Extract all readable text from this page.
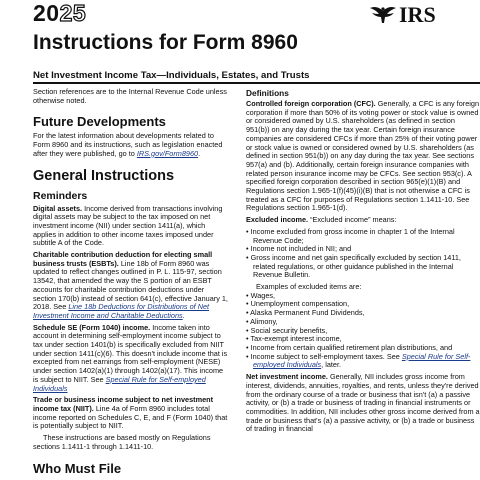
2025	IRS
Instructions for Form 8960
Net Investment Income Tax—Individuals, Estates, and Trusts

Section references are to the Internal Revenue Code unless otherwise noted.

Future Developments

For the latest information about developments related to Form 8960 and its instructions, such as legislation enacted after they were published, go to IRS.gov/Form8960.

General Instructions
Reminders

Digital assets. Income derived from transactions involving digital assets may be subject to the tax imposed on net investment income (NII) under section 1411(a), which applies in addition to other income taxes imposed under subtitle A of the Code.

Charitable contribution deduction for electing small business trusts (ESBTs). Line 18b of Form 8960 was updated to reflect changes outlined in P. L. 115-97, section 13542, that amended the way the S portion of an ESBT accounts for charitable contribution deductions under section 170(b) instead of section 641(c), effective January 1, 2018. See Line 18b Deductions for Distributions of Net Investment Income and Charitable Deductions.

Schedule SE (Form 1040) income. Income taken into account in determining self-employment income subject to tax under section 1401(b) is specifically excluded from NIIT under section 1411(c)(6). This doesn't include income that is excepted from net earnings from self-employment (NESE) under section 1402(a)(1) through 1402(a)(17). This income is subject to NIIT. See Special Rule for Self-employed Individuals

Trade or business income subject to net investment income tax (NIIT). Line 4a of Form 8960 includes total income reported on Schedules C, E, and F (Form 1040) that is potentially subject to NIIT.

These instructions are based mostly on Regulations sections 1.1411-1 through 1.1411-10.

Who Must File
Definitions

Controlled foreign corporation (CFC). Generally, a CFC is any foreign corporation if more than 50% of its voting power or stock value is owned or considered owned by U.S. shareholders (as defined in section 951(b)) on any day during the tax year. Certain foreign insurance companies are considered CFCs if more than 25% of their voting power or stock value is owned or considered owned by U.S. shareholders (as defined in section 951(b)) on any day during the tax year. See sections 957(a) and (b). Additionally, certain foreign insurance companies with related person insurance income may be CFCs. See section 953(c). A specified foreign corporation described in section 965(e)(1)(B) and Regulations section 1.965-1(f)(45)(i)(B) that is not otherwise a CFC is treated as a CFC for purposes of Regulations section 1.1411-10. See Regulations section 1.965-1(d).

Excluded income. “Excluded income” means:

• Income excluded from gross income in chapter 1 of the Internal Revenue Code;
• Income not included in NII; and
• Gross income and net gain specifically excluded by section 1411, related regulations, or other guidance published in the Internal Revenue Bulletin.
Examples of excluded items are:
• Wages,
• Unemployment compensation,
• Alaska Permanent Fund Dividends,
• Alimony,
• Social security benefits,
• Tax-exempt interest income,
• Income from certain qualified retirement plan distributions, and
• Income subject to self-employment taxes. See Special Rule for Self-employed Individuals, later.

Net investment income. Generally, NII includes gross income from interest, dividends, annuities, royalties, and rents, unless they're derived from the ordinary course of a trade or business that isn't (a) a passive activity, or (b) a trade or business of trading in financial instruments or commodities. In addition, NII includes other gross income derived from a trade or business that's (a) a passive activity, or (b) a trade or business of trading in financial
